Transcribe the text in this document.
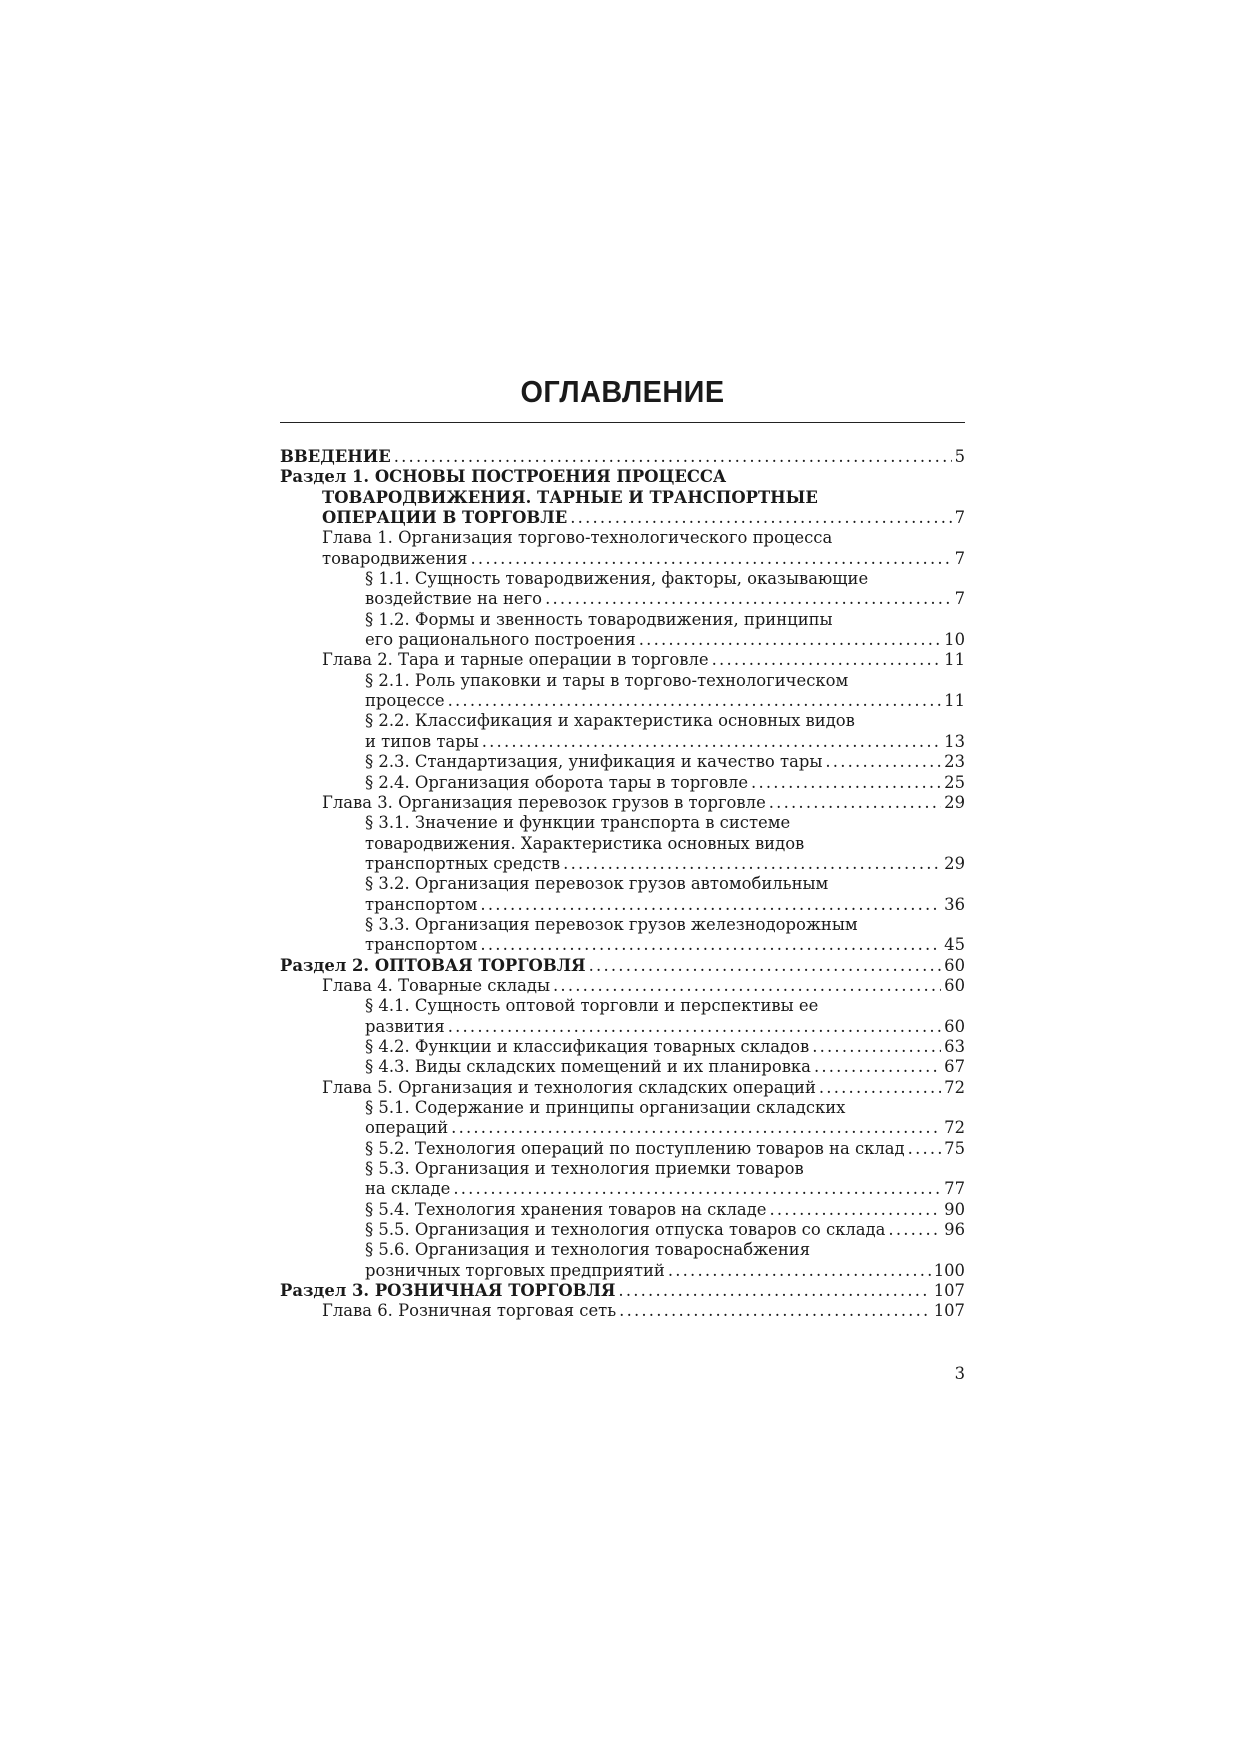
ОГЛАВЛЕНИЕ
ВВЕДЕНИЕ .....	5
Раздел 1. ОСНОВЫ ПОСТРОЕНИЯ ПРОЦЕССА
ТОВАРОДВИЖЕНИЯ. ТАРНЫЕ И ТРАНСПОРТНЫЕ
ОПЕРАЦИИ В ТОРГОВЛЕ .....	7
Глава 1. Организация торгово-технологического процесса
товародвижения .....	7
§ 1.1. Сущность товародвижения, факторы, оказывающие
воздействие на него .....	7
§ 1.2. Формы и звенность товародвижения, принципы
его рационального построения .....	10
Глава 2. Тара и тарные операции в торговле .....	11
§ 2.1. Роль упаковки и тары в торгово-технологическом
процессе .....	11
§ 2.2. Классификация и характеристика основных видов
и типов тары .....	13
§ 2.3. Стандартизация, унификация и качество тары .....	23
§ 2.4. Организация оборота тары в торговле .....	25
Глава 3. Организация перевозок грузов в торговле .....	29
§ 3.1. Значение и функции транспорта в системе
товародвижения. Характеристика основных видов
транспортных средств .....	29
§ 3.2. Организация перевозок грузов автомобильным
транспортом .....	36
§ 3.3. Организация перевозок грузов железнодорожным
транспортом .....	45
Раздел 2. ОПТОВАЯ ТОРГОВЛЯ .....	60
Глава 4. Товарные склады .....	60
§ 4.1. Сущность оптовой торговли и перспективы ее
развития .....	60
§ 4.2. Функции и классификация товарных складов .....	63
§ 4.3. Виды складских помещений и их планировка .....	67
Глава 5. Организация и технология складских операций .....	72
§ 5.1. Содержание и принципы организации складских
операций .....	72
§ 5.2. Технология операций по поступлению товаров на склад ..... 75
§ 5.3. Организация и технология приемки товаров
на складе .....	77
§ 5.4. Технология хранения товаров на складе .....	90
§ 5.5. Организация и технология отпуска товаров со склада .....	96
§ 5.6. Организация и технология товароснабжения
розничных торговых предприятий .....	100
Раздел 3. РОЗНИЧНАЯ ТОРГОВЛЯ .....	107
Глава 6. Розничная торговая сеть .....	107
3
